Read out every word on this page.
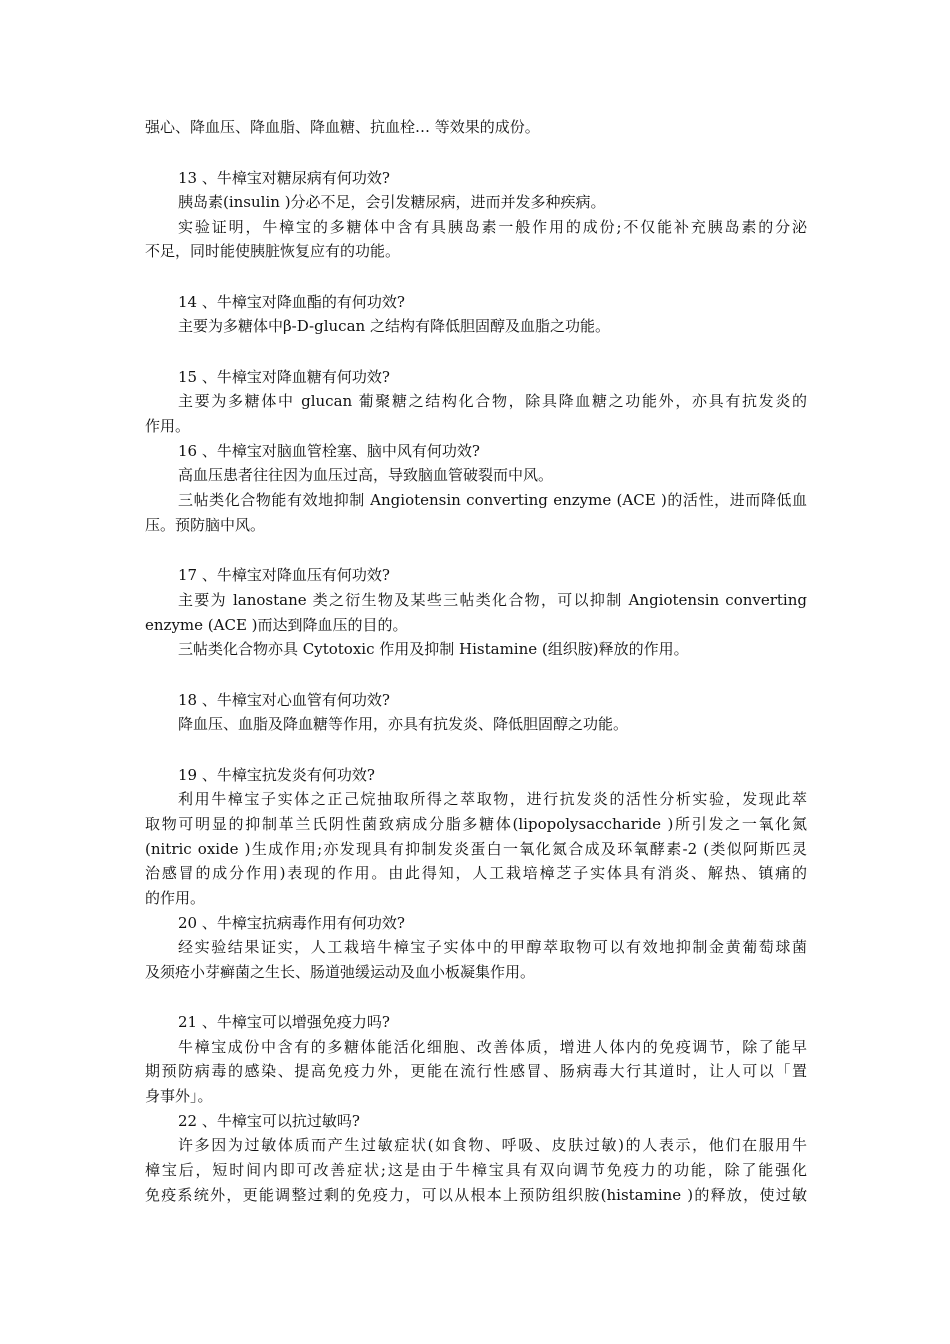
强心、降血压、降血脂、降血糖、抗血栓… 等效果的成份。
13 、牛樟宝对糖尿病有何功效?
胰岛素(insulin )分必不足，会引发糖尿病，进而并发多种疾病。
实验证明，牛樟宝的多糖体中含有具胰岛素一般作用的成份;不仅能补充胰岛素的分泌
不足，同时能使胰脏恢复应有的功能。
14 、牛樟宝对降血酯的有何功效?
主要为多糖体中β-D-glucan 之结构有降低胆固醇及血脂之功能。
15 、牛樟宝对降血糖有何功效?
主要为多糖体中 glucan 葡聚糖之结构化合物，除具降血糖之功能外，亦具有抗发炎的
作用。
16 、牛樟宝对脑血管栓塞、脑中风有何功效?
高血压患者往往因为血压过高，导致脑血管破裂而中风。
三帖类化合物能有效地抑制 Angiotensin converting enzyme (ACE )的活性，进而降低血
压。预防脑中风。
17 、牛樟宝对降血压有何功效?
主要为 lanostane 类之衍生物及某些三帖类化合物，可以抑制 Angiotensin converting
enzyme (ACE )而达到降血压的目的。
三帖类化合物亦具 Cytotoxic 作用及抑制 Histamine (组织胺)释放的作用。
18 、牛樟宝对心血管有何功效?
降血压、血脂及降血糖等作用，亦具有抗发炎、降低胆固醇之功能。
19 、牛樟宝抗发炎有何功效?
利用牛樟宝子实体之正己烷抽取所得之萃取物，进行抗发炎的活性分析实验，发现此萃
取物可明显的抑制革兰氏阴性菌致病成分脂多糖体(lipopolysaccharide )所引发之一氧化氮
(nitric oxide )生成作用;亦发现具有抑制发炎蛋白一氧化氮合成及环氧酵素-2 (类似阿斯匹灵
治感冒的成分作用)表现的作用。由此得知，人工栽培樟芝子实体具有消炎、解热、镇痛的
的作用。
20 、牛樟宝抗病毒作用有何功效?
经实验结果证实，人工栽培牛樟宝子实体中的甲醇萃取物可以有效地抑制金黄葡萄球菌
及须疮小芽癣菌之生长、肠道弛缓运动及血小板凝集作用。
21 、牛樟宝可以增强免疫力吗?
牛樟宝成份中含有的多糖体能活化细胞、改善体质，增进人体内的免疫调节，除了能早
期预防病毒的感染、提高免疫力外，更能在流行性感冒、肠病毒大行其道时，让人可以「置
身事外」。
22 、牛樟宝可以抗过敏吗?
许多因为过敏体质而产生过敏症状(如食物、呼吸、皮肤过敏)的人表示，他们在服用牛
樟宝后，短时间内即可改善症状;这是由于牛樟宝具有双向调节免疫力的功能，除了能强化
免疫系统外，更能调整过剩的免疫力，可以从根本上预防组织胺(histamine )的释放，使过敏
